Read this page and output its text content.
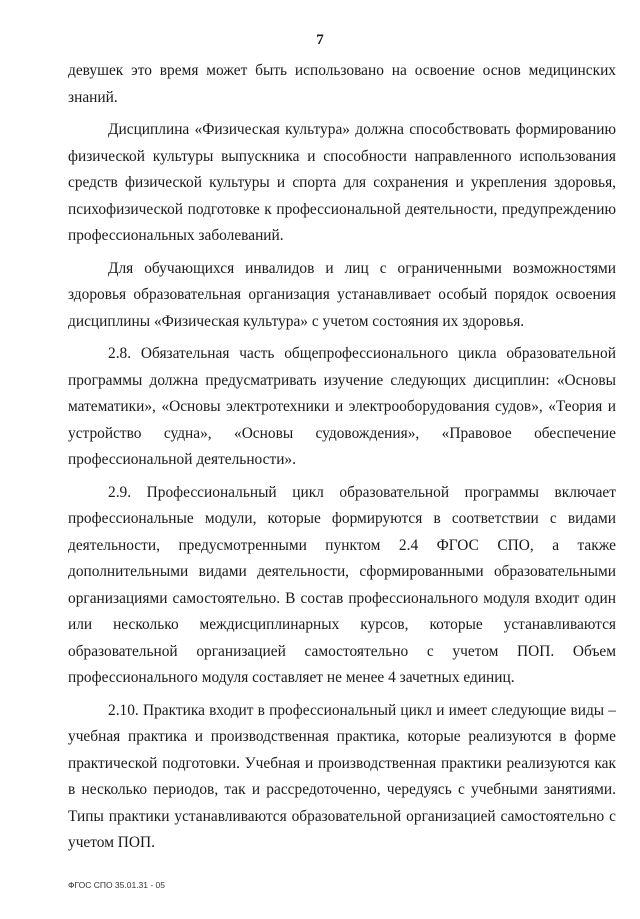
7

девушек это время может быть использовано на освоение основ медицинских знаний.

Дисциплина «Физическая культура» должна способствовать формированию физической культуры выпускника и способности направленного использования средств физической культуры и спорта для сохранения и укрепления здоровья, психофизической подготовке к профессиональной деятельности, предупреждению профессиональных заболеваний.

Для обучающихся инвалидов и лиц с ограниченными возможностями здоровья образовательная организация устанавливает особый порядок освоения дисциплины «Физическая культура» с учетом состояния их здоровья.

2.8. Обязательная часть общепрофессионального цикла образовательной программы должна предусматривать изучение следующих дисциплин: «Основы математики», «Основы электротехники и электрооборудования судов», «Теория и устройство судна», «Основы судовождения», «Правовое обеспечение профессиональной деятельности».

2.9. Профессиональный цикл образовательной программы включает профессиональные модули, которые формируются в соответствии с видами деятельности, предусмотренными пунктом 2.4 ФГОС СПО, а также дополнительными видами деятельности, сформированными образовательными организациями самостоятельно. В состав профессионального модуля входит один или несколько междисциплинарных курсов, которые устанавливаются образовательной организацией самостоятельно с учетом ПОП. Объем профессионального модуля составляет не менее 4 зачетных единиц.

2.10. Практика входит в профессиональный цикл и имеет следующие виды – учебная практика и производственная практика, которые реализуются в форме практической подготовки. Учебная и производственная практики реализуются как в несколько периодов, так и рассредоточенно, чередуясь с учебными занятиями. Типы практики устанавливаются образовательной организацией самостоятельно с учетом ПОП.

ФГОС СПО 35.01.31 - 05
